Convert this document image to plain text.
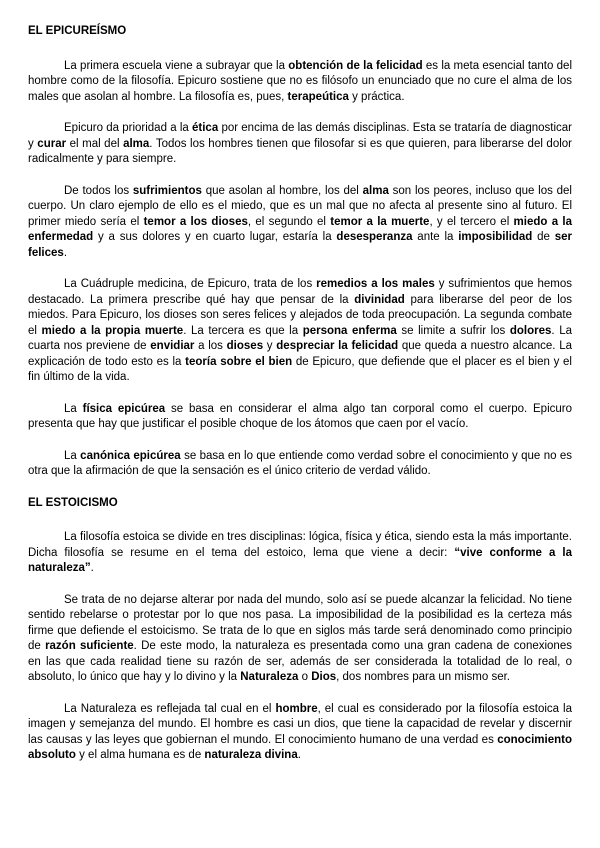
EL EPICUREÍSMO

La primera escuela viene a subrayar que la obtención de la felicidad es la meta esencial tanto del hombre como de la filosofía. Epicuro sostiene que no es filósofo un enunciado que no cure el alma de los males que asolan al hombre. La filosofía es, pues, terapeútica y práctica.

Epicuro da prioridad a la ética por encima de las demás disciplinas. Esta se trataría de diagnosticar y curar el mal del alma. Todos los hombres tienen que filosofar si es que quieren, para liberarse del dolor radicalmente y para siempre.

De todos los sufrimientos que asolan al hombre, los del alma son los peores, incluso que los del cuerpo. Un claro ejemplo de ello es el miedo, que es un mal que no afecta al presente sino al futuro. El primer miedo sería el temor a los dioses, el segundo el temor a la muerte, y el tercero el miedo a la enfermedad y a sus dolores y en cuarto lugar, estaría la desesperanza ante la imposibilidad de ser felices.

La Cuádruple medicina, de Epicuro, trata de los remedios a los males y sufrimientos que hemos destacado. La primera prescribe qué hay que pensar de la divinidad para liberarse del peor de los miedos. Para Epicuro, los dioses son seres felices y alejados de toda preocupación. La segunda combate el miedo a la propia muerte. La tercera es que la persona enferma se limite a sufrir los dolores. La cuarta nos previene de envidiar a los dioses y despreciar la felicidad que queda a nuestro alcance. La explicación de todo esto es la teoría sobre el bien de Epicuro, que defiende que el placer es el bien y el fin último de la vida.

La física epicúrea se basa en considerar el alma algo tan corporal como el cuerpo. Epicuro presenta que hay que justificar el posible choque de los átomos que caen por el vacío.

La canónica epicúrea se basa en lo que entiende como verdad sobre el conocimiento y que no es otra que la afirmación de que la sensación es el único criterio de verdad válido.

EL ESTOICISMO

La filosofía estoica se divide en tres disciplinas: lógica, física y ética, siendo esta la más importante. Dicha filosofía se resume en el tema del estoico, lema que viene a decir: “vive conforme a la naturaleza”.

Se trata de no dejarse alterar por nada del mundo, solo así se puede alcanzar la felicidad. No tiene sentido rebelarse o protestar por lo que nos pasa. La imposibilidad de la posibilidad es la certeza más firme que defiende el estoicismo. Se trata de lo que en siglos más tarde será denominado como principio de razón suficiente. De este modo, la naturaleza es presentada como una gran cadena de conexiones en las que cada realidad tiene su razón de ser, además de ser considerada la totalidad de lo real, o absoluto, lo único que hay y lo divino y la Naturaleza o Dios, dos nombres para un mismo ser.

La Naturaleza es reflejada tal cual en el hombre, el cual es considerado por la filosofía estoica la imagen y semejanza del mundo. El hombre es casi un dios, que tiene la capacidad de revelar y discernir las causas y las leyes que gobiernan el mundo. El conocimiento humano de una verdad es conocimiento absoluto y el alma humana es de naturaleza divina.
